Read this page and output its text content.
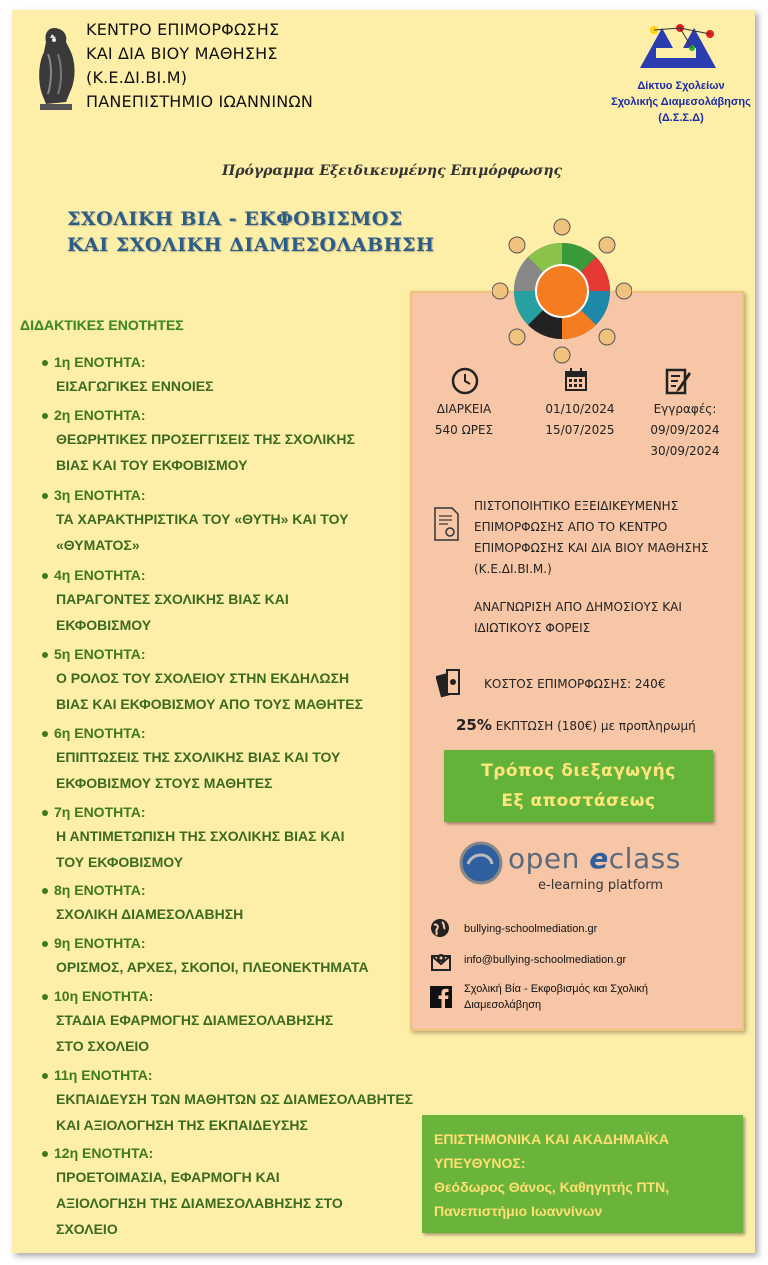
ΚΕΝΤΡΟ ΕΠΙΜΟΡΦΩΣΗΣ
ΚΑΙ ΔΙΑ ΒΙΟΥ ΜΑΘΗΣΗΣ
(Κ.Ε.ΔΙ.ΒΙ.Μ)
ΠΑΝΕΠΙΣΤΗΜΙΟ ΙΩΑΝΝΙΝΩΝ
Δίκτυο Σχολείων
Σχολικής Διαμεσολάβησης
(Δ.Σ.Σ.Δ)
Πρόγραμμα Εξειδικευμένης Επιμόρφωσης
ΣΧΟΛΙΚΗ ΒΙΑ - ΕΚΦΟΒΙΣΜΟΣ
ΚΑΙ ΣΧΟΛΙΚΗ ΔΙΑΜΕΣΟΛΑΒΗΣΗ
ΔΙΑΡΚΕΙΑ
540 ΩΡΕΣ
01/10/2024
15/07/2025
Εγγραφές:
09/09/2024
30/09/2024
ΠΙΣΤΟΠΟΙΗΤΙΚΟ ΕΞΕΙΔΙΚΕΥΜΕΝΗΣ
ΕΠΙΜΟΡΦΩΣΗΣ ΑΠΟ ΤΟ ΚΕΝΤΡΟ
ΕΠΙΜΟΡΦΩΣΗΣ ΚΑΙ ΔΙΑ ΒΙΟΥ ΜΑΘΗΣΗΣ
(Κ.Ε.ΔΙ.ΒΙ.Μ.)
ΑΝΑΓΝΩΡΙΣΗ ΑΠΟ ΔΗΜΟΣΙΟΥΣ ΚΑΙ
ΙΔΙΩΤΙΚΟΥΣ ΦΟΡΕΙΣ
ΚΟΣΤΟΣ ΕΠΙΜΟΡΦΩΣΗΣ: 240€
25% ΕΚΠΤΩΣΗ (180€) με προπληρωμή
Τρόπος διεξαγωγής
Εξ αποστάσεως
open eclass
e-learning platform
bullying-schoolmediation.gr
info@bullying-schoolmediation.gr
Σχολική Βία - Εκφοβισμός και Σχολική
Διαμεσολάβηση
ΔΙΔΑΚΤΙΚΕΣ ΕΝΟΤΗΤΕΣ
1η ΕΝΟΤΗΤΑ:
ΕΙΣΑΓΩΓΙΚΕΣ ΕΝΝΟΙΕΣ
2η ΕΝΟΤΗΤΑ:
ΘΕΩΡΗΤΙΚΕΣ ΠΡΟΣΕΓΓΙΣΕΙΣ ΤΗΣ ΣΧΟΛΙΚΗΣ
ΒΙΑΣ ΚΑΙ ΤΟΥ ΕΚΦΟΒΙΣΜΟΥ
3η ΕΝΟΤΗΤΑ:
ΤΑ ΧΑΡΑΚΤΗΡΙΣΤΙΚΑ ΤΟΥ «ΘΥΤΗ» ΚΑΙ ΤΟΥ
«ΘΥΜΑΤΟΣ»
4η ΕΝΟΤΗΤΑ:
ΠΑΡΑΓΟΝΤΕΣ ΣΧΟΛΙΚΗΣ ΒΙΑΣ ΚΑΙ
ΕΚΦΟΒΙΣΜΟΥ
5η ΕΝΟΤΗΤΑ:
Ο ΡΟΛΟΣ ΤΟΥ ΣΧΟΛΕΙΟΥ ΣΤΗΝ ΕΚΔΗΛΩΣΗ
ΒΙΑΣ ΚΑΙ ΕΚΦΟΒΙΣΜΟΥ ΑΠΟ ΤΟΥΣ ΜΑΘΗΤΕΣ
6η ΕΝΟΤΗΤΑ:
ΕΠΙΠΤΩΣΕΙΣ ΤΗΣ ΣΧΟΛΙΚΗΣ ΒΙΑΣ ΚΑΙ ΤΟΥ
ΕΚΦΟΒΙΣΜΟΥ ΣΤΟΥΣ ΜΑΘΗΤΕΣ
7η ΕΝΟΤΗΤΑ:
Η ΑΝΤΙΜΕΤΩΠΙΣΗ ΤΗΣ ΣΧΟΛΙΚΗΣ ΒΙΑΣ ΚΑΙ
ΤΟΥ ΕΚΦΟΒΙΣΜΟΥ
8η ΕΝΟΤΗΤΑ:
ΣΧΟΛΙΚΗ ΔΙΑΜΕΣΟΛΑΒΗΣΗ
9η ΕΝΟΤΗΤΑ:
ΟΡΙΣΜΟΣ, ΑΡΧΕΣ, ΣΚΟΠΟΙ, ΠΛΕΟΝΕΚΤΗΜΑΤΑ
10η ΕΝΟΤΗΤΑ:
ΣΤΑΔΙΑ ΕΦΑΡΜΟΓΗΣ ΔΙΑΜΕΣΟΛΑΒΗΣΗΣ
ΣΤΟ ΣΧΟΛΕΙΟ
11η ΕΝΟΤΗΤΑ:
ΕΚΠΑΙΔΕΥΣΗ ΤΩΝ ΜΑΘΗΤΩΝ ΩΣ ΔΙΑΜΕΣΟΛΑΒΗΤΕΣ
ΚΑΙ ΑΞΙΟΛΟΓΗΣΗ ΤΗΣ ΕΚΠΑΙΔΕΥΣΗΣ
12η ΕΝΟΤΗΤΑ:
ΠΡΟΕΤΟΙΜΑΣΙΑ, ΕΦΑΡΜΟΓΗ ΚΑΙ
ΑΞΙΟΛΟΓΗΣΗ ΤΗΣ ΔΙΑΜΕΣΟΛΑΒΗΣΗΣ ΣΤΟ
ΣΧΟΛΕΙΟ
ΕΠΙΣΤΗΜΟΝΙΚΑ ΚΑΙ ΑΚΑΔΗΜΑΪΚΑ
ΥΠΕΥΘΥΝΟΣ:
Θεόδωρος Θάνος, Καθηγητής ΠΤΝ,
Πανεπιστήμιο Ιωαννίνων
